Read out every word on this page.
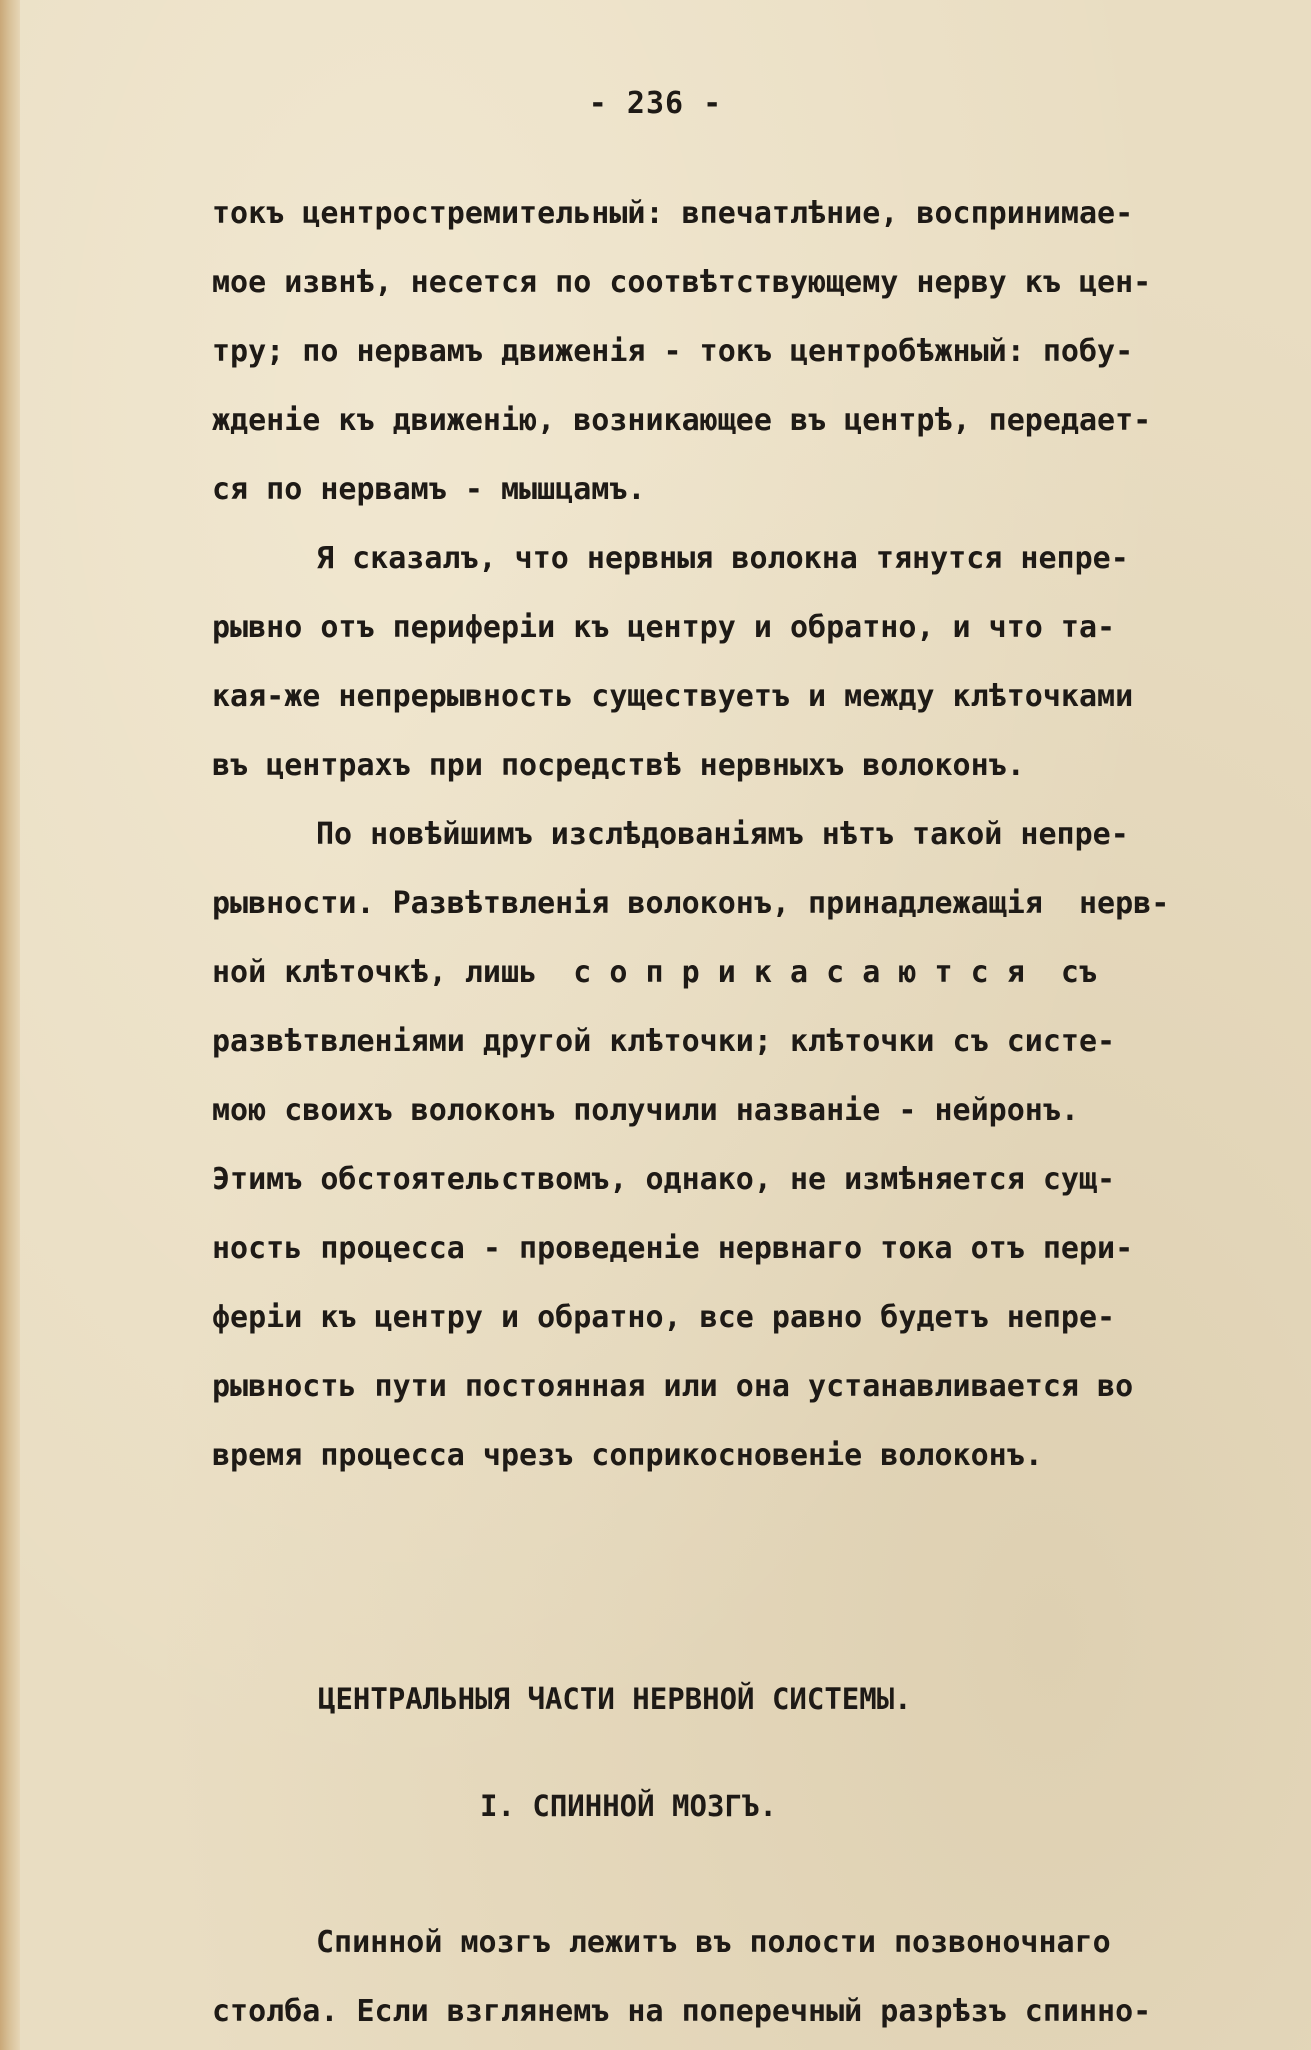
- 236 -
токъ центростремительный: впечатлѣние, воспринимае-
мое извнѣ, несется по соотвѣтствующему нерву къ цен-
тру; по нервамъ движенія - токъ центробѣжный: побу-
жденіе къ движенію, возникающее въ центрѣ, передает-
ся по нервамъ - мышцамъ.
Я сказалъ, что нервныя волокна тянутся непре-
рывно отъ периферіи къ центру и обратно, и что та-
кая-же непрерывность существуетъ и между клѣточками
въ центрахъ при посредствѣ нервныхъ волоконъ.
По новѣйшимъ изслѣдованіямъ нѣтъ такой непре-
рывности. Развѣтвленія волоконъ, принадлежащія  нерв-
ной клѣточкѣ, лишь  с о п р и к а с а ю т с я  съ
развѣтвленіями другой клѣточки; клѣточки съ систе-
мою своихъ волоконъ получили названіе - нейронъ.
Этимъ обстоятельствомъ, однако, не измѣняется сущ-
ность процесса - проведеніе нервнаго тока отъ пери-
феріи къ центру и обратно, все равно будетъ непре-
рывность пути постоянная или она устанавливается во
время процесса чрезъ соприкосновеніе волоконъ.
ЦЕНТРАЛЬНЫЯ ЧАСТИ НЕРВНОЙ СИСТЕМЫ.
I. СПИННОЙ МОЗГЪ.
Спинной мозгъ лежитъ въ полости позвоночнаго
столба. Если взглянемъ на поперечный разрѣзъ спинно-
